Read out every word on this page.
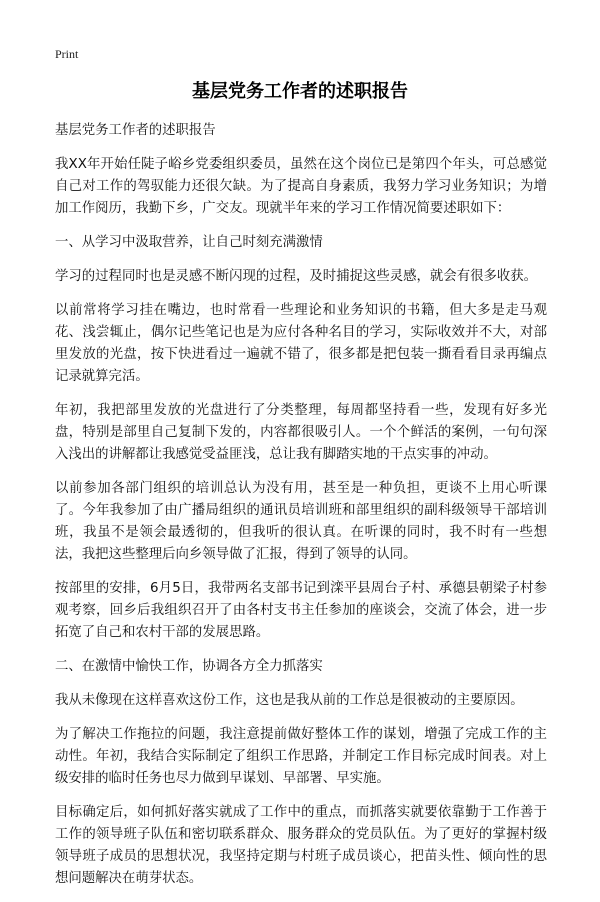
Print
基层党务工作者的述职报告

基层党务工作者的述职报告

我XX年开始任陡子峪乡党委组织委员，虽然在这个岗位已是第四个年头，可总感觉自己对工作的驾驭能力还很欠缺。为了提高自身素质，我努力学习业务知识；为增加工作阅历，我勤下乡，广交友。现就半年来的学习工作情况简要述职如下：

一、从学习中汲取营养，让自己时刻充满激情

学习的过程同时也是灵感不断闪现的过程，及时捕捉这些灵感，就会有很多收获。

以前常将学习挂在嘴边，也时常看一些理论和业务知识的书籍，但大多是走马观花、浅尝辄止，偶尔记些笔记也是为应付各种名目的学习，实际收效并不大，对部里发放的光盘，按下快进看过一遍就不错了，很多都是把包装一撕看看目录再编点记录就算完活。

年初，我把部里发放的光盘进行了分类整理，每周都坚持看一些，发现有好多光盘，特别是部里自己复制下发的，内容都很吸引人。一个个鲜活的案例，一句句深入浅出的讲解都让我感觉受益匪浅，总让我有脚踏实地的干点实事的冲动。

以前参加各部门组织的培训总认为没有用，甚至是一种负担，更谈不上用心听课了。今年我参加了由广播局组织的通讯员培训班和部里组织的副科级领导干部培训班，我虽不是领会最透彻的，但我听的很认真。在听课的同时，我不时有一些想法，我把这些整理后向乡领导做了汇报，得到了领导的认同。

按部里的安排，6月5日，我带两名支部书记到滦平县周台子村、承德县朝梁子村参观考察，回乡后我组织召开了由各村支书主任参加的座谈会，交流了体会，进一步拓宽了自己和农村干部的发展思路。

二、在激情中愉快工作，协调各方全力抓落实

我从未像现在这样喜欢这份工作，这也是我从前的工作总是很被动的主要原因。

为了解决工作拖拉的问题，我注意提前做好整体工作的谋划，增强了完成工作的主动性。年初，我结合实际制定了组织工作思路，并制定工作目标完成时间表。对上级安排的临时任务也尽力做到早谋划、早部署、早实施。

目标确定后，如何抓好落实就成了工作中的重点，而抓落实就要依靠勤于工作善于工作的领导班子队伍和密切联系群众、服务群众的党员队伍。为了更好的掌握村级领导班子成员的思想状况，我坚持定期与村班子成员谈心，把苗头性、倾向性的思想问题解决在萌芽状态。
